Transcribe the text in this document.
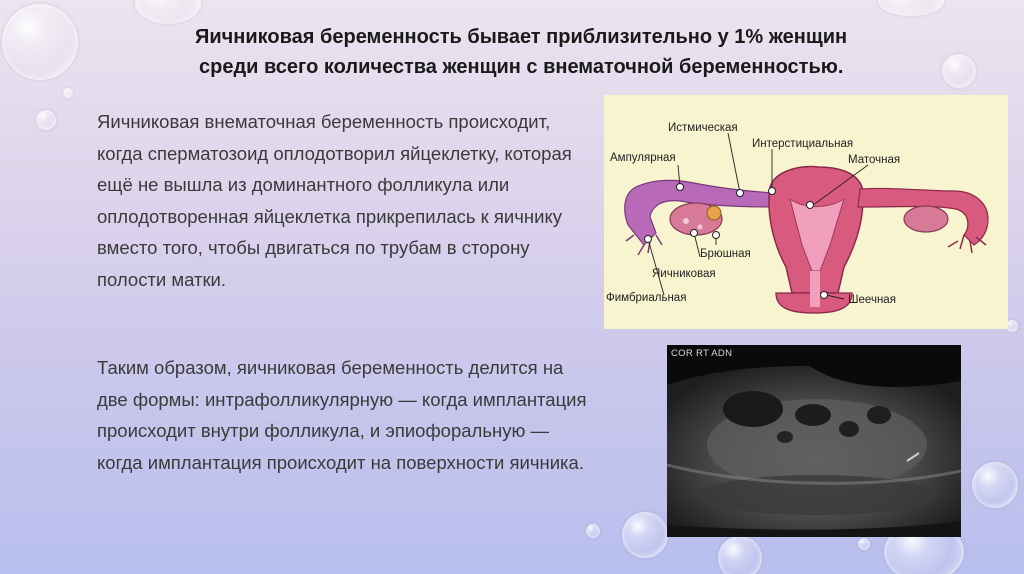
Яичниковая беременность бывает приблизительно у 1% женщин
среди всего количества женщин с внематочной беременностью.
Яичниковая внематочная беременность происходит, когда сперматозоид оплодотворил яйцеклетку, которая ещё не вышла из доминантного фолликула или оплодотворенная яйцеклетка прикрепилась к яичнику вместо того, чтобы двигаться по трубам в сторону полости матки.
Таким образом, яичниковая беременность делится на две формы: интрафолликулярную — когда имплантация происходит внутри фолликула, и эпиофоральную — когда имплантация происходит на поверхности яичника.
Истмическая
Интерстициальная
Ампулярная	Маточная
Брюшная
Яичниковая
Фимбриальная	Шеечная
COR RT ADN
